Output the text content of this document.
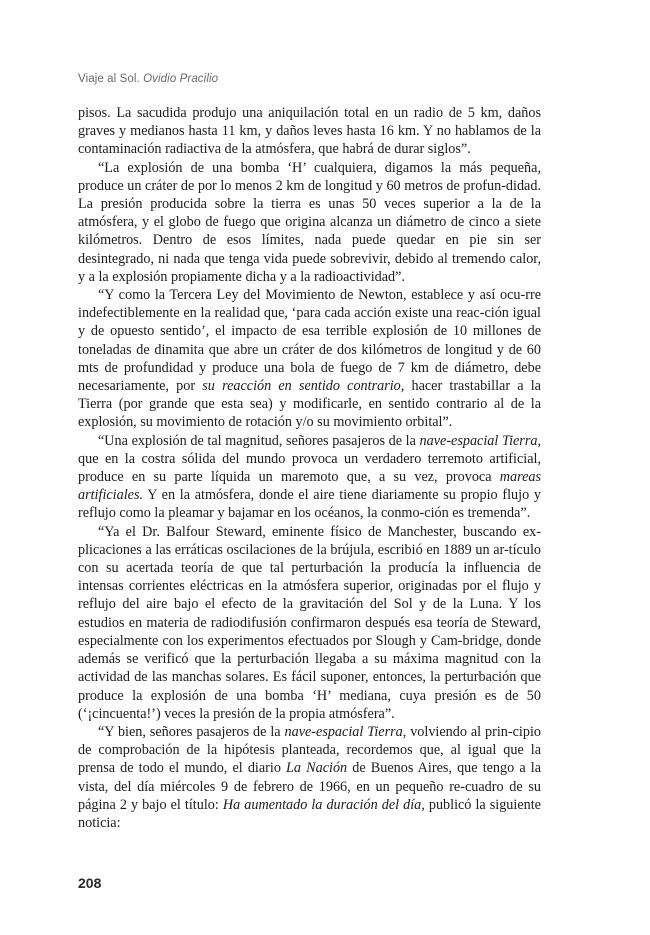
Viaje al Sol. Ovidio Pracilio

pisos. La sacudida produjo una aniquilación total en un radio de 5 km, daños graves y medianos hasta 11 km, y daños leves hasta 16 km. Y no hablamos de la contaminación radiactiva de la atmósfera, que habrá de durar siglos”.

“La explosión de una bomba ‘H’ cualquiera, digamos la más pequeña, produce un cráter de por lo menos 2 km de longitud y 60 metros de profun-didad. La presión producida sobre la tierra es unas 50 veces superior a la de la atmósfera, y el globo de fuego que origina alcanza un diámetro de cinco a siete kilómetros. Dentro de esos límites, nada puede quedar en pie sin ser desintegrado, ni nada que tenga vida puede sobrevivir, debido al tremendo calor, y a la explosión propiamente dicha y a la radioactividad”.

“Y como la Tercera Ley del Movimiento de Newton, establece y así ocu-rre indefectiblemente en la realidad que, ‘para cada acción existe una reac-ción igual y de opuesto sentido’, el impacto de esa terrible explosión de 10 millones de toneladas de dinamita que abre un cráter de dos kilómetros de longitud y de 60 mts de profundidad y produce una bola de fuego de 7 km de diámetro, debe necesariamente, por su reacción en sentido contrario, hacer trastabillar a la Tierra (por grande que esta sea) y modificarle, en sentido contrario al de la explosión, su movimiento de rotación y/o su movimiento orbital”.

“Una explosión de tal magnitud, señores pasajeros de la nave-espacial Tierra, que en la costra sólida del mundo provoca un verdadero terremoto artificial, produce en su parte líquida un maremoto que, a su vez, provoca mareas artificiales. Y en la atmósfera, donde el aire tiene diariamente su propio flujo y reflujo como la pleamar y bajamar en los océanos, la conmo-ción es tremenda”.

“Ya el Dr. Balfour Steward, eminente físico de Manchester, buscando ex-plicaciones a las erráticas oscilaciones de la brújula, escribió en 1889 un ar-tículo con su acertada teoría de que tal perturbación la producía la influencia de intensas corrientes eléctricas en la atmósfera superior, originadas por el flujo y reflujo del aire bajo el efecto de la gravitación del Sol y de la Luna. Y los estudios en materia de radiodifusión confirmaron después esa teoría de Steward, especialmente con los experimentos efectuados por Slough y Cam-bridge, donde además se verificó que la perturbación llegaba a su máxima magnitud con la actividad de las manchas solares. Es fácil suponer, entonces, la perturbación que produce la explosión de una bomba ‘H’ mediana, cuya presión es de 50 (‘¡cincuenta!’) veces la presión de la propia atmósfera”.

“Y bien, señores pasajeros de la nave-espacial Tierra, volviendo al prin-cipio de comprobación de la hipótesis planteada, recordemos que, al igual que la prensa de todo el mundo, el diario La Nación de Buenos Aires, que tengo a la vista, del día miércoles 9 de febrero de 1966, en un pequeño re-cuadro de su página 2 y bajo el título: Ha aumentado la duración del día, publicó la siguiente noticia:

208
